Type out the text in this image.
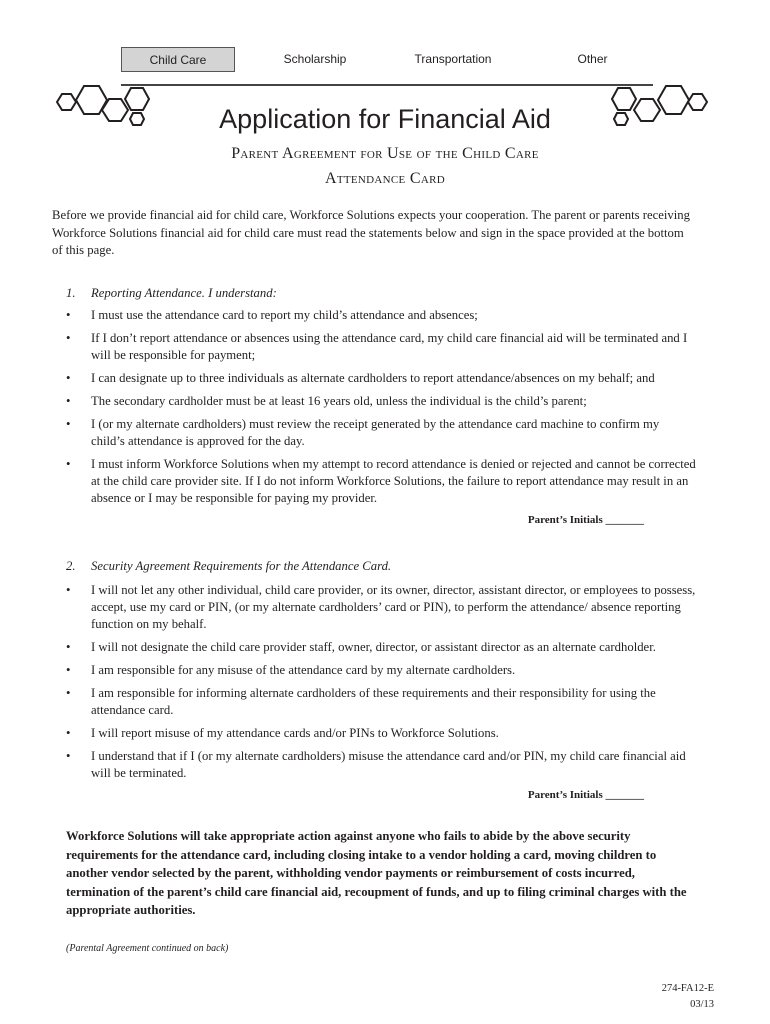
Child Care	Scholarship	Transportation	Other
Application for Financial Aid
Parent Agreement for Use of the Child Care
Attendance Card
Before we provide financial aid for child care, Workforce Solutions expects your cooperation. The parent or parents receiving Workforce Solutions financial aid for child care must read the statements below and sign in the space provided at the bottom of this page.
1. Reporting Attendance. I understand:
• I must use the attendance card to report my child’s attendance and absences;
• If I don’t report attendance or absences using the attendance card, my child care financial aid will be terminated and I will be responsible for payment;
• I can designate up to three individuals as alternate cardholders to report attendance/absences on my behalf; and
• The secondary cardholder must be at least 16 years old, unless the individual is the child’s parent;
• I (or my alternate cardholders) must review the receipt generated by the attendance card machine to confirm my child’s attendance is approved for the day.
• I must inform Workforce Solutions when my attempt to record attendance is denied or rejected and cannot be corrected at the child care provider site. If I do not inform Workforce Solutions, the failure to report attendance may result in an absence or I may be responsible for paying my provider.
Parent’s Initials _______
2. Security Agreement Requirements for the Attendance Card.
• I will not let any other individual, child care provider, or its owner, director, assistant director, or employees to possess, accept, use my card or PIN, (or my alternate cardholders’ card or PIN), to perform the attendance/ absence reporting function on my behalf.
• I will not designate the child care provider staff, owner, director, or assistant director as an alternate cardholder.
• I am responsible for any misuse of the attendance card by my alternate cardholders.
• I am responsible for informing alternate cardholders of these requirements and their responsibility for using the attendance card.
• I will report misuse of my attendance cards and/or PINs to Workforce Solutions.
• I understand that if I (or my alternate cardholders) misuse the attendance card and/or PIN, my child care financial aid will be terminated.
Parent’s Initials _______
Workforce Solutions will take appropriate action against anyone who fails to abide by the above security requirements for the attendance card, including closing intake to a vendor holding a card, moving children to another vendor selected by the parent, withholding vendor payments or reimbursement of costs incurred, termination of the parent’s child care financial aid, recoupment of funds, and up to filing criminal charges with the appropriate authorities.
(Parental Agreement continued on back)
274-FA12-E
03/13
